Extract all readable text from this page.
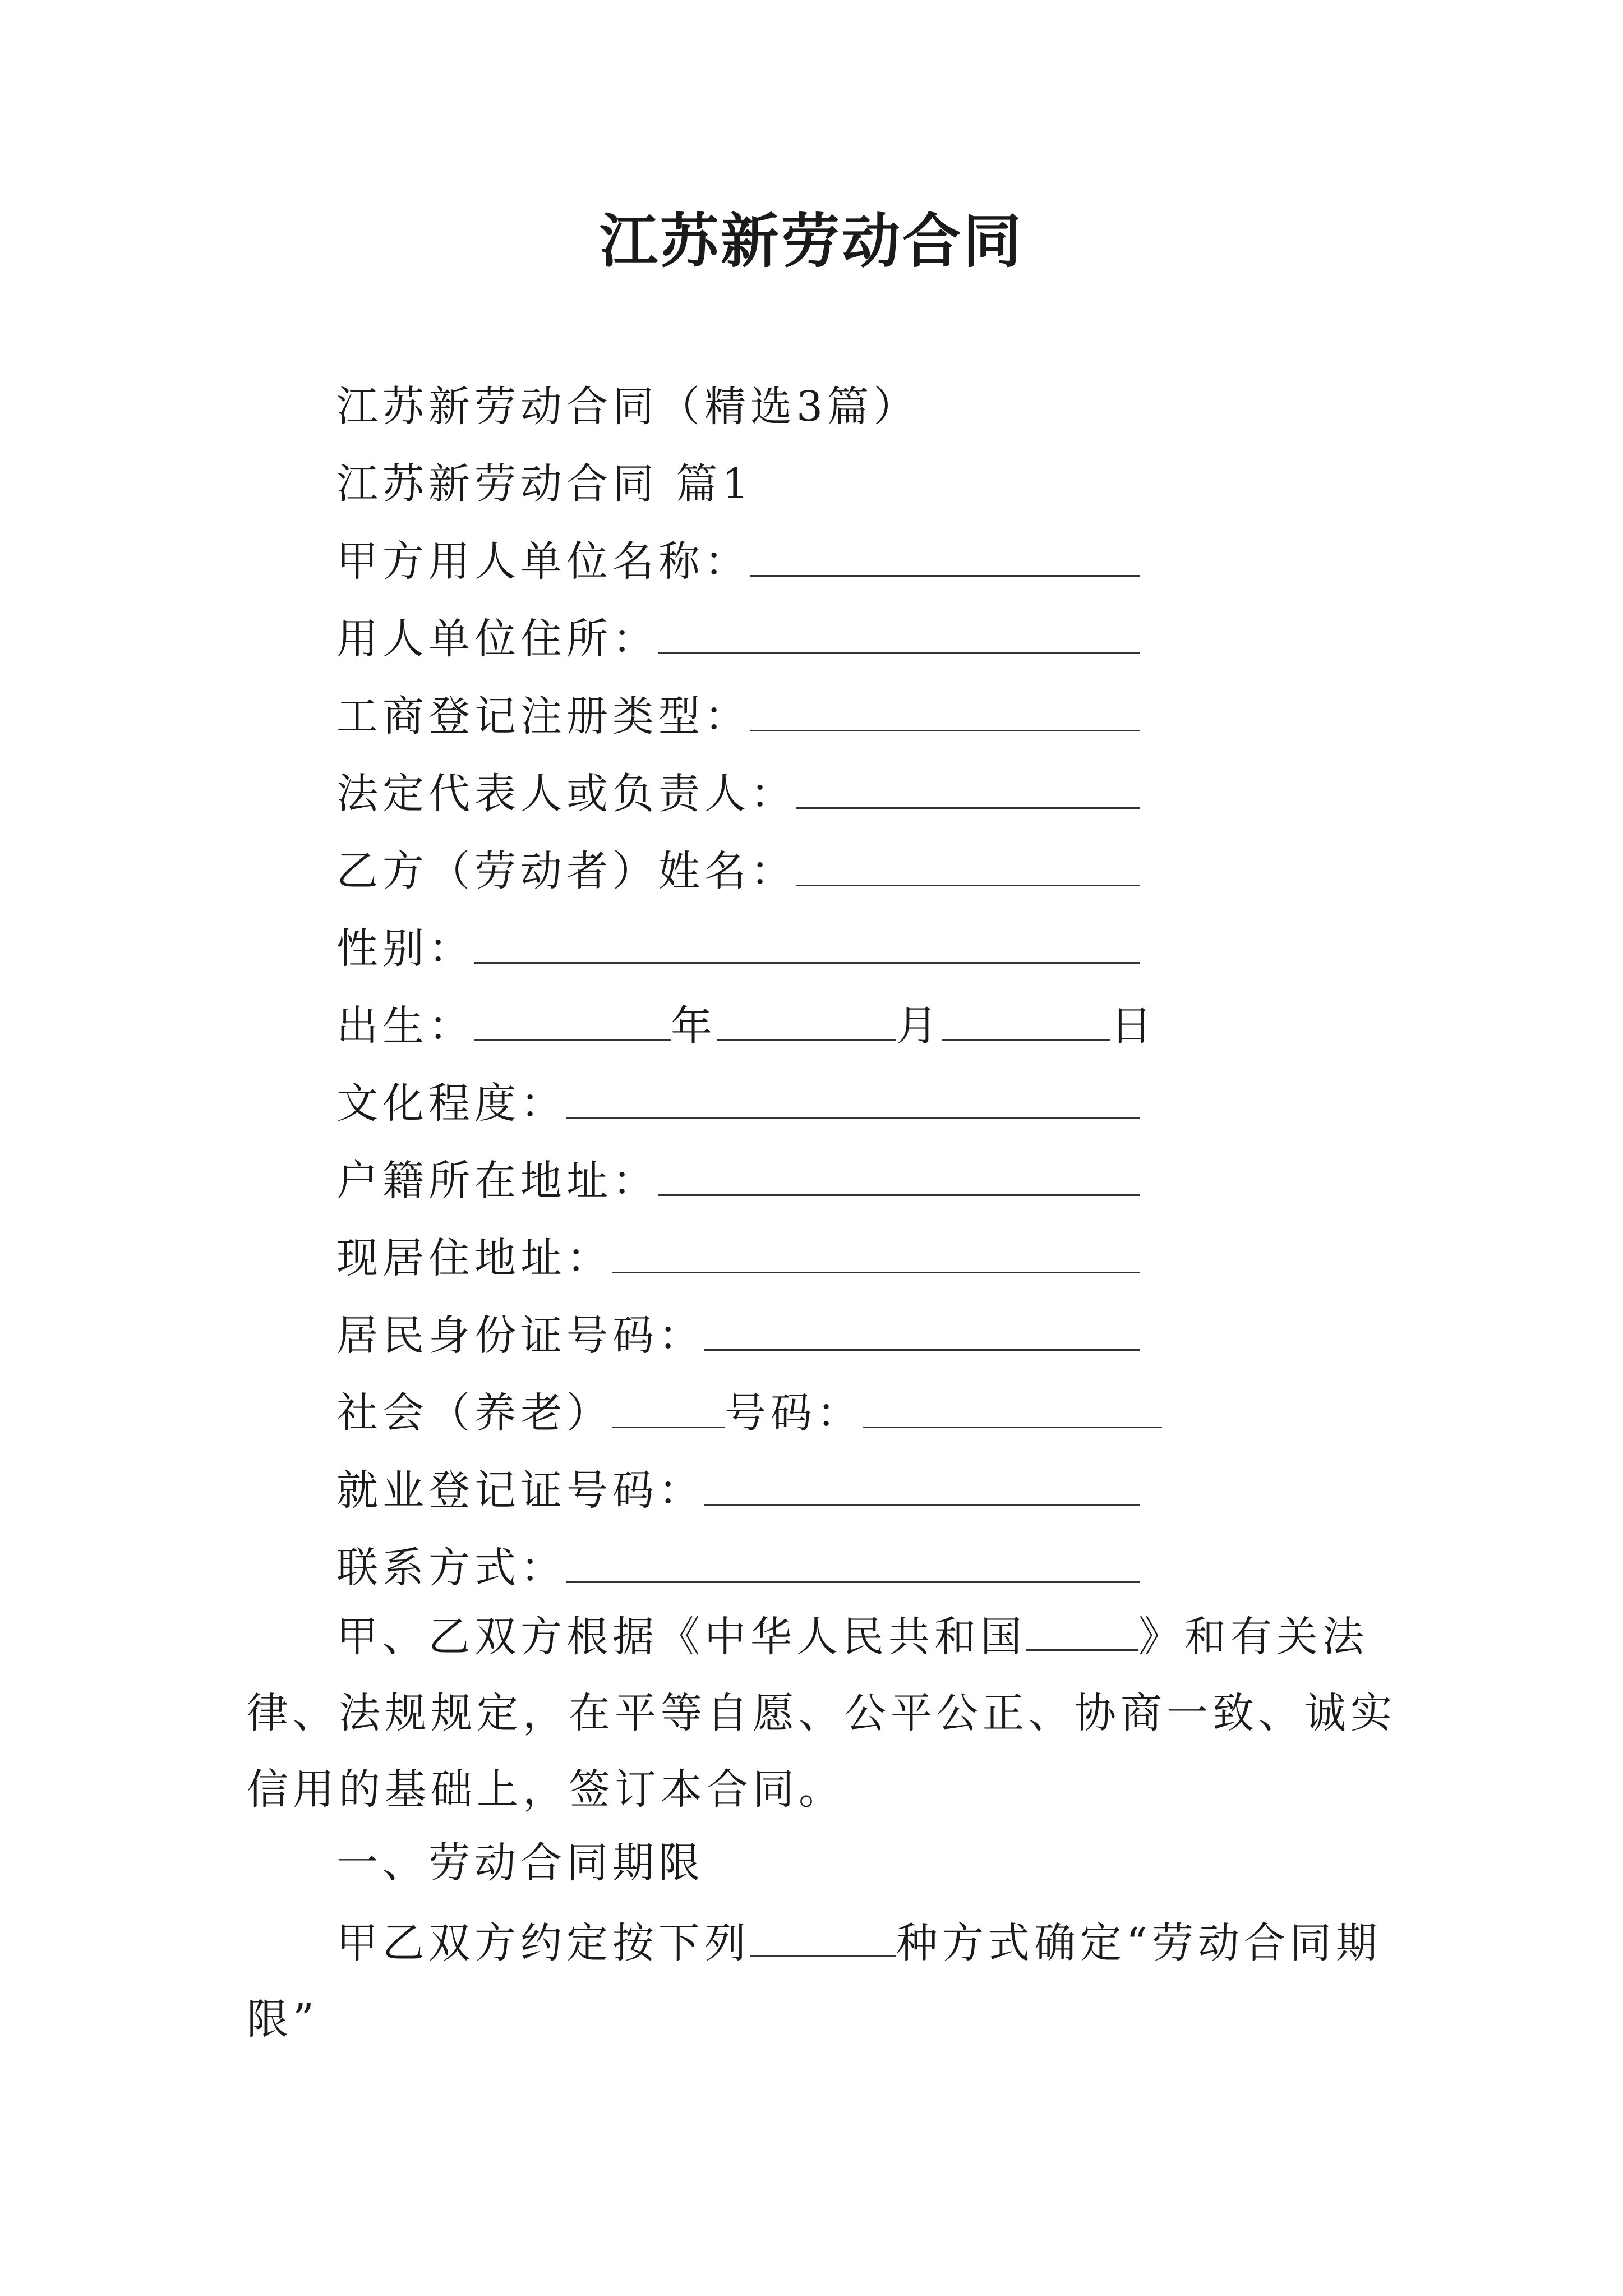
江苏新劳动合同
江苏新劳动合同（精选3篇）
江苏新劳动合同 篇1
甲方用人单位名称：
用人单位住所：
工商登记注册类型：
法定代表人或负责人：
乙方（劳动者）姓名：
性别：
出生：	年	月	日
文化程度：
户籍所在地址：
现居住地址：
居民身份证号码：
社会（养老）	号码：
就业登记证号码：
联系方式：
甲、乙双方根据《中华人民共和国	》和有关法律、法规规定，在平等自愿、公平公正、协商一致、诚实信用的基础上，签订本合同。
一、劳动合同期限
甲乙双方约定按下列	种方式确定“劳动合同期限”
